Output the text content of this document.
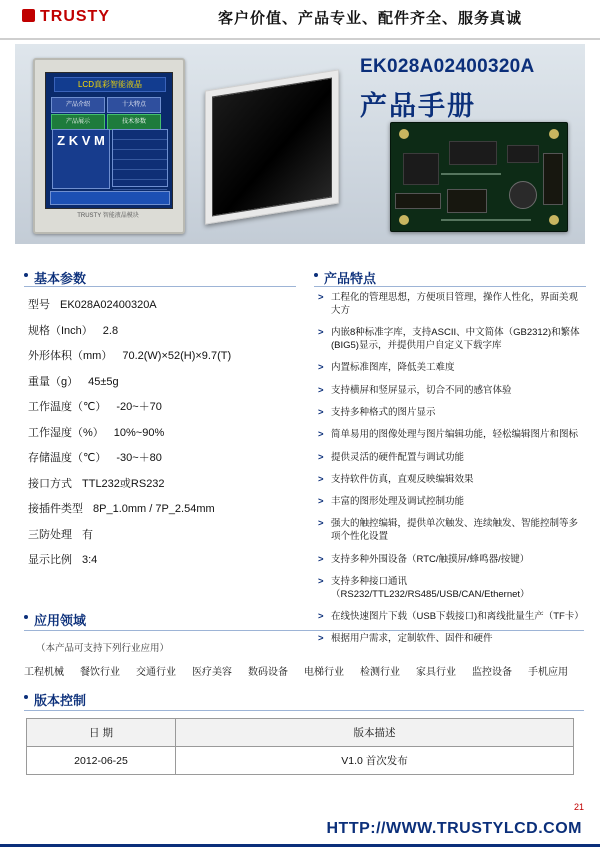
TRUSTY	客户价值、产品专业、配件齐全、服务真诚
LCD真彩智能液晶
产品介绍	十大特点
产品展示	技术参数
Z K V M
TRUSTY 智能液晶模块
EK028A02400320A
产品手册
基本参数
型号 EK028A02400320A
规格（Inch） 2.8
外形体积（mm） 70.2(W)×52(H)×9.7(T)
重量（g） 45±5g
工作温度（℃） -20~＋70
工作湿度（%） 10%~90%
存储温度（℃） -30~＋80
接口方式 TTL232或RS232
接插件类型 8P_1.0mm / 7P_2.54mm
三防处理 有
显示比例 3:4
产品特点
> 工程化的管理思想，方便项目管理，操作人性化，界面美观大方
> 内嵌8种标准字库，支持ASCII、中文简体（GB2312)和繁体(BIG5)显示，并提供用户自定义下载字库
> 内置标准图库，降低美工难度
> 支持横屏和竖屏显示，切合不同的感官体验
> 支持多种格式的图片显示
> 简单易用的图像处理与图片编辑功能，轻松编辑图片和图标
> 提供灵活的硬件配置与调试功能
> 支持软件仿真，直观反映编辑效果
> 丰富的图形处理及调试控制功能
> 强大的触控编辑，提供单次触发、连续触发、智能控制等多项个性化设置
> 支持多种外围设备（RTC/触摸屏/蜂鸣器/按键）
> 支持多种接口通讯（RS232/TTL232/RS485/USB/CAN/Ethernet）
> 在线快速图片下载（USB下载接口)和离线批量生产（TF卡）
> 根据用户需求，定制软件、固件和硬件
应用领域
（本产品可支持下列行业应用）
工程机械 餐饮行业 交通行业 医疗美容 数码设备 电梯行业 检测行业 家具行业 监控设备 手机应用
版本控制
日 期	版本描述
2012-06-25	V1.0 首次发布
21
HTTP://WWW.TRUSTYLCD.COM
